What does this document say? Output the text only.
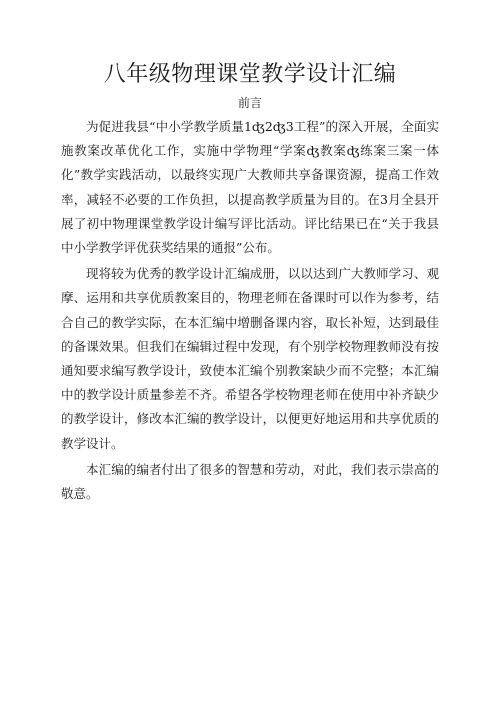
八年级物理课堂教学设计汇编

前言

为促进我县“中小学教学质量1ʤ2ʤ3工程”的深入开展，全面实施教案改革优化工作，实施中学物理“学案ʤ教案ʤ练案三案一体化”教学实践活动，以最终实现广大教师共享备课资源，提高工作效率，减轻不必要的工作负担，以提高教学质量为目的。在3月全县开展了初中物理课堂教学设计编写评比活动。评比结果已在“关于我县中小学教学评优获奖结果的通报”公布。

现将较为优秀的教学设计汇编成册，以以达到广大教师学习、观摩、运用和共享优质教案目的，物理老师在备课时可以作为参考，结合自己的教学实际，在本汇编中增删备课内容，取长补短，达到最佳的备课效果。但我们在编辑过程中发现，有个别学校物理教师没有按通知要求编写教学设计，致使本汇编个别教案缺少而不完整；本汇编中的教学设计质量参差不齐。希望各学校物理老师在使用中补齐缺少的教学设计，修改本汇编的教学设计，以便更好地运用和共享优质的教学设计。

本汇编的编者付出了很多的智慧和劳动，对此，我们表示崇高的敬意。
